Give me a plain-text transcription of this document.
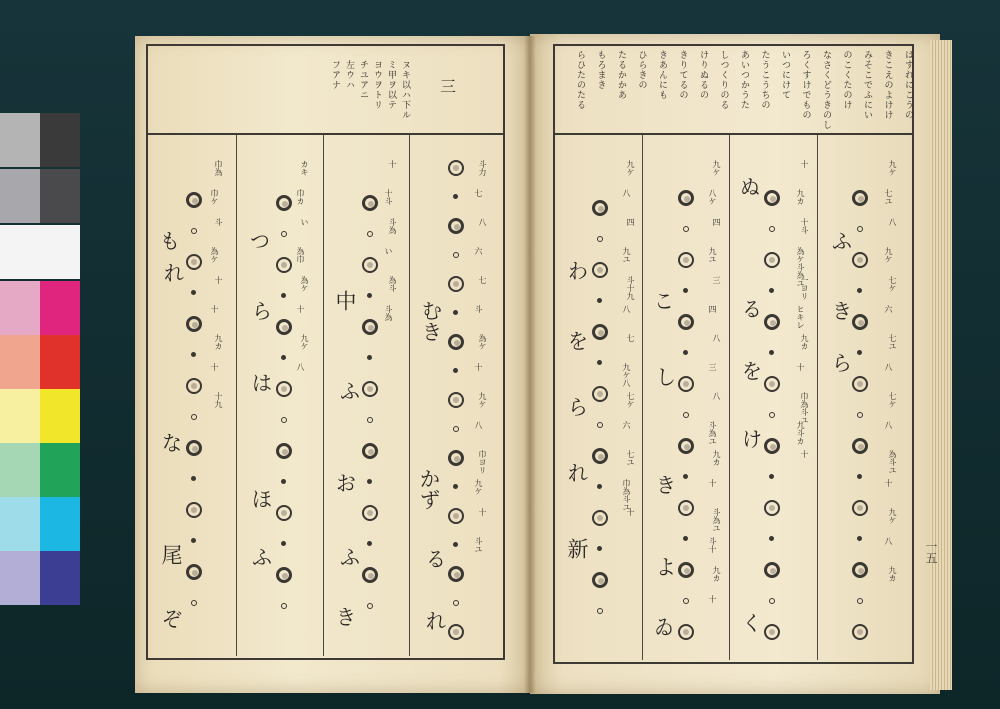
三
ヌキ以ハ下ル
ミ甲ヲ以テ
ヨウヲトリ
チユアニ
左ウハ
フアナ
斗力
七
八
六
七
斗
為ケ
十
九ケ
八
巾ヨリ
九ケ
十
斗ユ
十
十斗
斗為
い
為斗
斗為
カキ
巾カ
い
為巾
為ケ
十
九ケ
八
巾為
巾ケ
斗
為ケ
十
十
九カ
十
十九
むき
かず
る
れ
中
ふ
お
ふ
き
つ
ら
は
ほ
ふ
も
れ
な
尾
ぞ
一五
はすれにこうの
きこえのよけけ
みそこでふにい
のこくたのけ
なさくどうきのし
ろくすけでもの
いつにけて
たうこうちの
あいつかうた
しつくりのる
けりぬるの
きりてるの
きあんにも
ひらきの
たるかかあ
もろまき
らひたのたる
九ケ
七ユ
八
九ケ
七ケ
六
七ユ
八
七ケ
八
為斗ユ
十
九ケ
八
九カ
十
九カ
十斗
為ケ斗為ユ
一ヨリ
ヒキレ
九カ
十
巾為斗ユ
九斗カ
十
九ケ
八ケ
四
九ユ
三
四
八
三
八
斗為ユ
九カ
十
斗為ユ
斗十
九カ
十
九ケ
八
四
九ユ
斗十九
八
七
九ケ八
七ケ
六
七ユ
巾為斗ユ
十
ふ
き
ら
ぬ
る
を
け
く
こ
し
き
よ
ゐ
わ
を
ら
れ
新
